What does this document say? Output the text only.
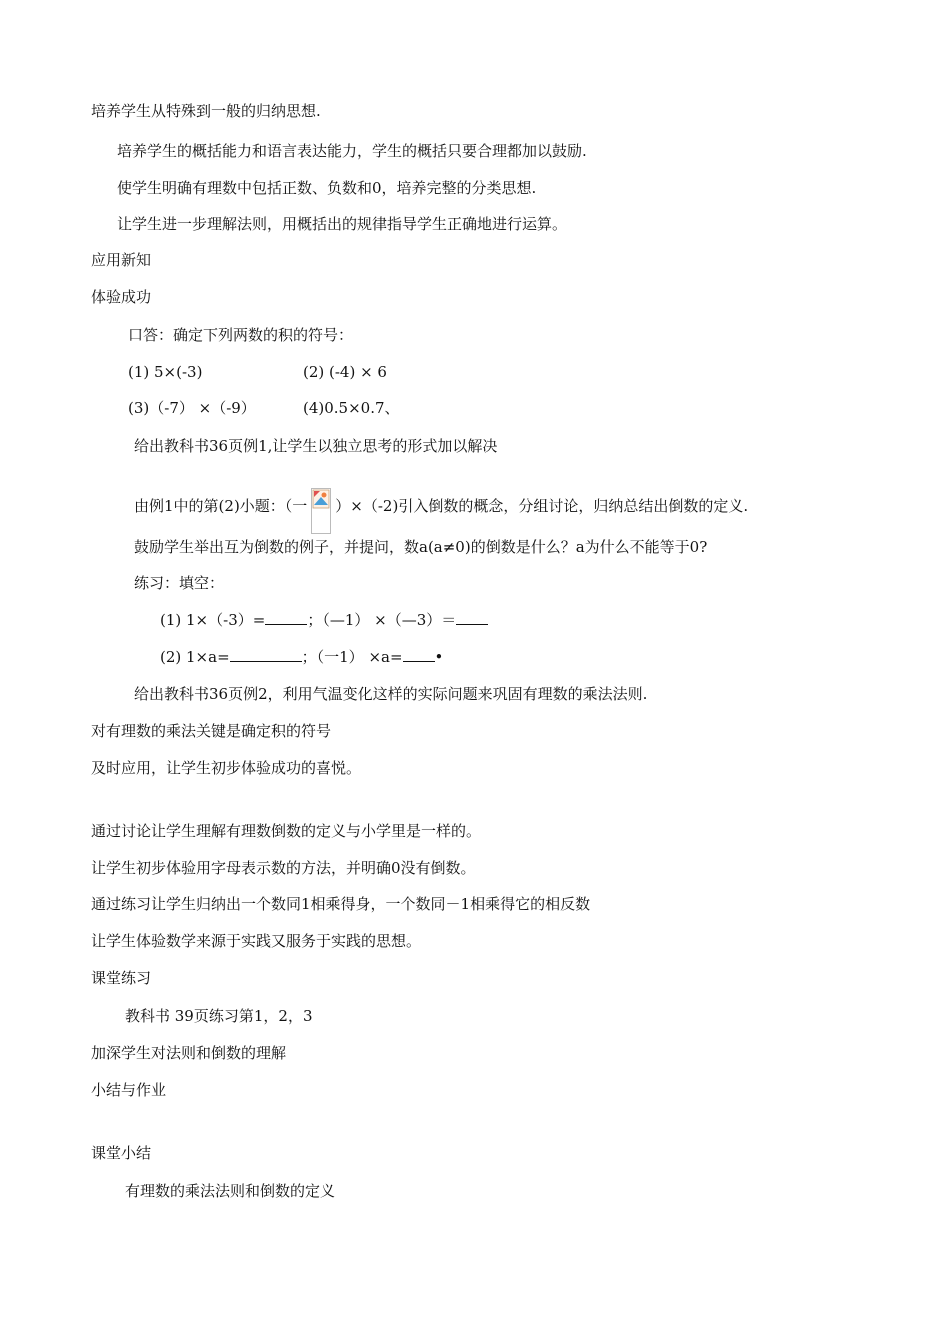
培养学生从特殊到一般的归纳思想.
培养学生的概括能力和语言表达能力，学生的概括只要合理都加以鼓励.
使学生明确有理数中包括正数、负数和0，培养完整的分类思想.
让学生进一步理解法则，用概括出的规律指导学生正确地进行运算。
应用新知
体验成功
口答：确定下列两数的积的符号：
(1) 5×(-3)	(2) (-4) × 6
(3)（-7） ×（-9）	(4)0.5×0.7、
给出教科书36页例1,让学生以独立思考的形式加以解决
由例1中的第(2)小题：（一 ）×（-2)引入倒数的概念，分组讨论，归纳总结出倒数的定义.
鼓励学生举出互为倒数的例子，并提问，数a(a≠0)的倒数是什么？a为什么不能等于0?
练习：填空：
(1) 1×（-3）=	；（—1） ×（—3）＝
(2) 1×a=	；（一1） ×a= •
给出教科书36页例2，利用气温变化这样的实际问题来巩固有理数的乘法法则.
对有理数的乘法关键是确定积的符号
及时应用，让学生初步体验成功的喜悦。
通过讨论让学生理解有理数倒数的定义与小学里是一样的。
让学生初步体验用字母表示数的方法，并明确0没有倒数。
通过练习让学生归纳出一个数同1相乘得身，一个数同－1相乘得它的相反数
让学生体验数学来源于实践又服务于实践的思想。
课堂练习
教科书 39页练习第1，2，3
加深学生对法则和倒数的理解
小结与作业
课堂小结
有理数的乘法法则和倒数的定义
